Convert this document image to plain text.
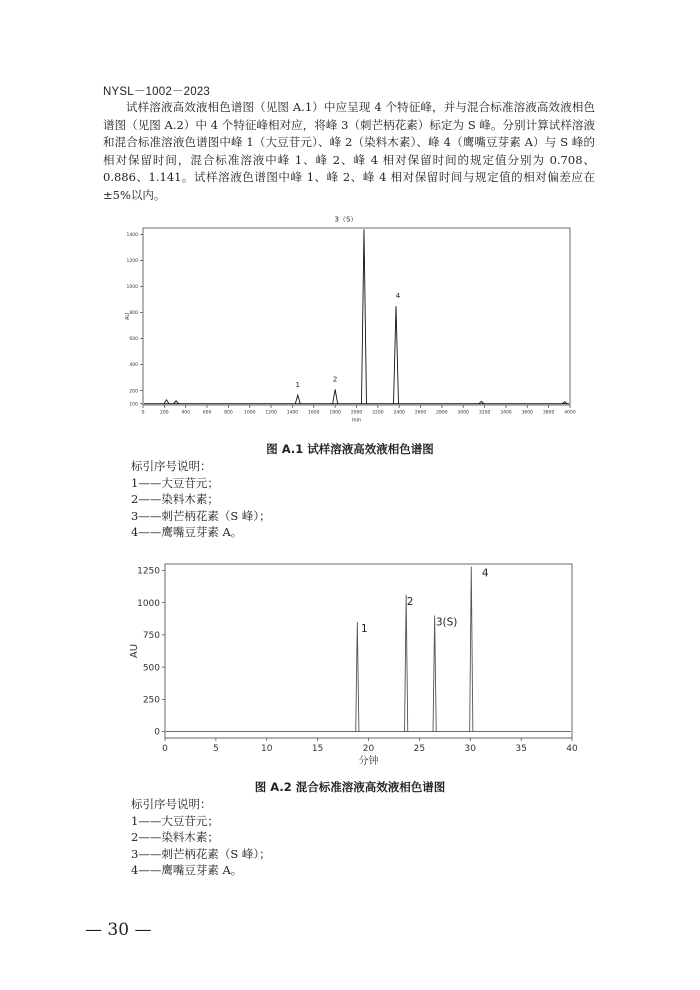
NYSL－1002－2023

试样溶液高效液相色谱图（见图 A.1）中应呈现 4 个特征峰，并与混合标准溶液高效液相色谱图（见图 A.2）中 4 个特征峰相对应，将峰 3（刺芒柄花素）标定为 S 峰。分别计算试样溶液和混合标准溶液色谱图中峰 1（大豆苷元）、峰 2（染料木素）、峰 4（鹰嘴豆芽素 A）与 S 峰的相对保留时间，混合标准溶液中峰 1、峰 2、峰 4 相对保留时间的规定值分别为 0.708、0.886、1.141。试样溶液色谱图中峰 1、峰 2、峰 4 相对保留时间与规定值的相对偏差应在±5%以内。

0	200	400	600	800	1000 1200 1400 1600 1800 2000 2200 2400 2600 2800 3000 3200 3400 3600 3800 4000
100
200
400
600
800
1000
1200
1400
min
AU
1
2
3（S）
4
图 A.1 试样溶液高效液相色谱图
标引序号说明：
1——大豆苷元；
2——染料木素；
3——刺芒柄花素（S 峰）；
4——鹰嘴豆芽素 A。
0	5	10	15	20	25	30	35	40
0
250
500
750
1000
1250
分钟
AU
1
2
3(S)
4
图 A.2 混合标准溶液高效液相色谱图
标引序号说明：
1——大豆苷元；
2——染料木素；
3——刺芒柄花素（S 峰）；
4——鹰嘴豆芽素 A。
— 30 —
